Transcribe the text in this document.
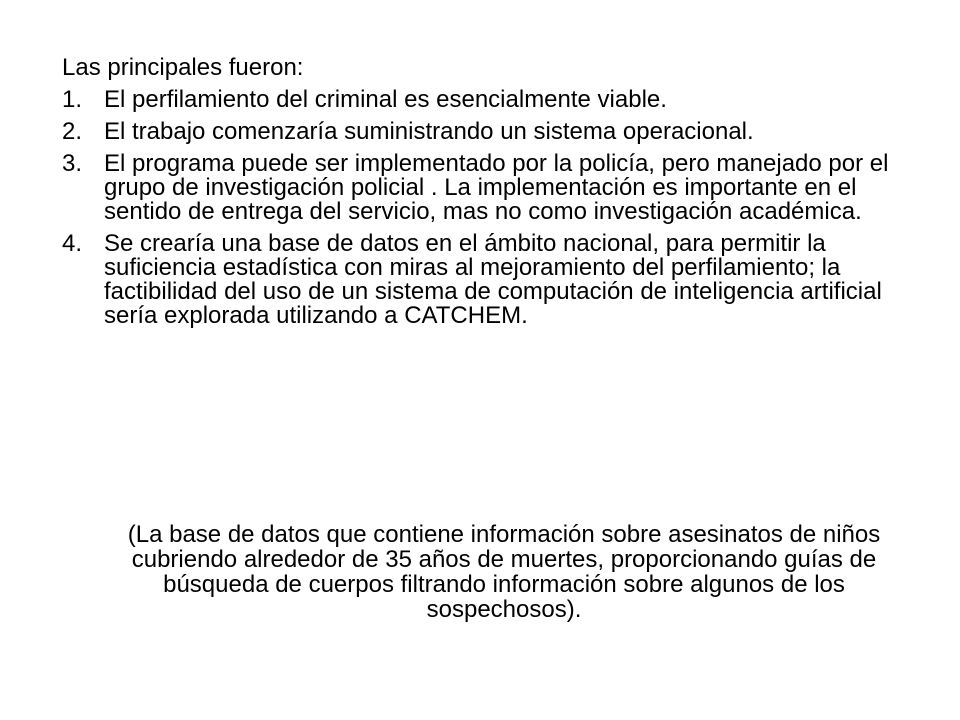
Las principales fueron:

1. El perfilamiento del criminal es esencialmente viable.
2. El trabajo comenzaría suministrando un sistema operacional.
3. El programa puede ser implementado por la policía, pero manejado por el grupo de investigación policial . La implementación es importante en el sentido de entrega del servicio, mas no como investigación académica.
4. Se crearía una base de datos en el ámbito nacional, para permitir la suficiencia estadística con miras al mejoramiento del perfilamiento; la factibilidad del uso de un sistema de computación de inteligencia artificial sería explorada utilizando a CATCHEM.

(La base de datos que contiene información sobre asesinatos de niños cubriendo alrededor de 35 años de muertes, proporcionando guías de búsqueda de cuerpos filtrando información sobre algunos de los sospechosos).
